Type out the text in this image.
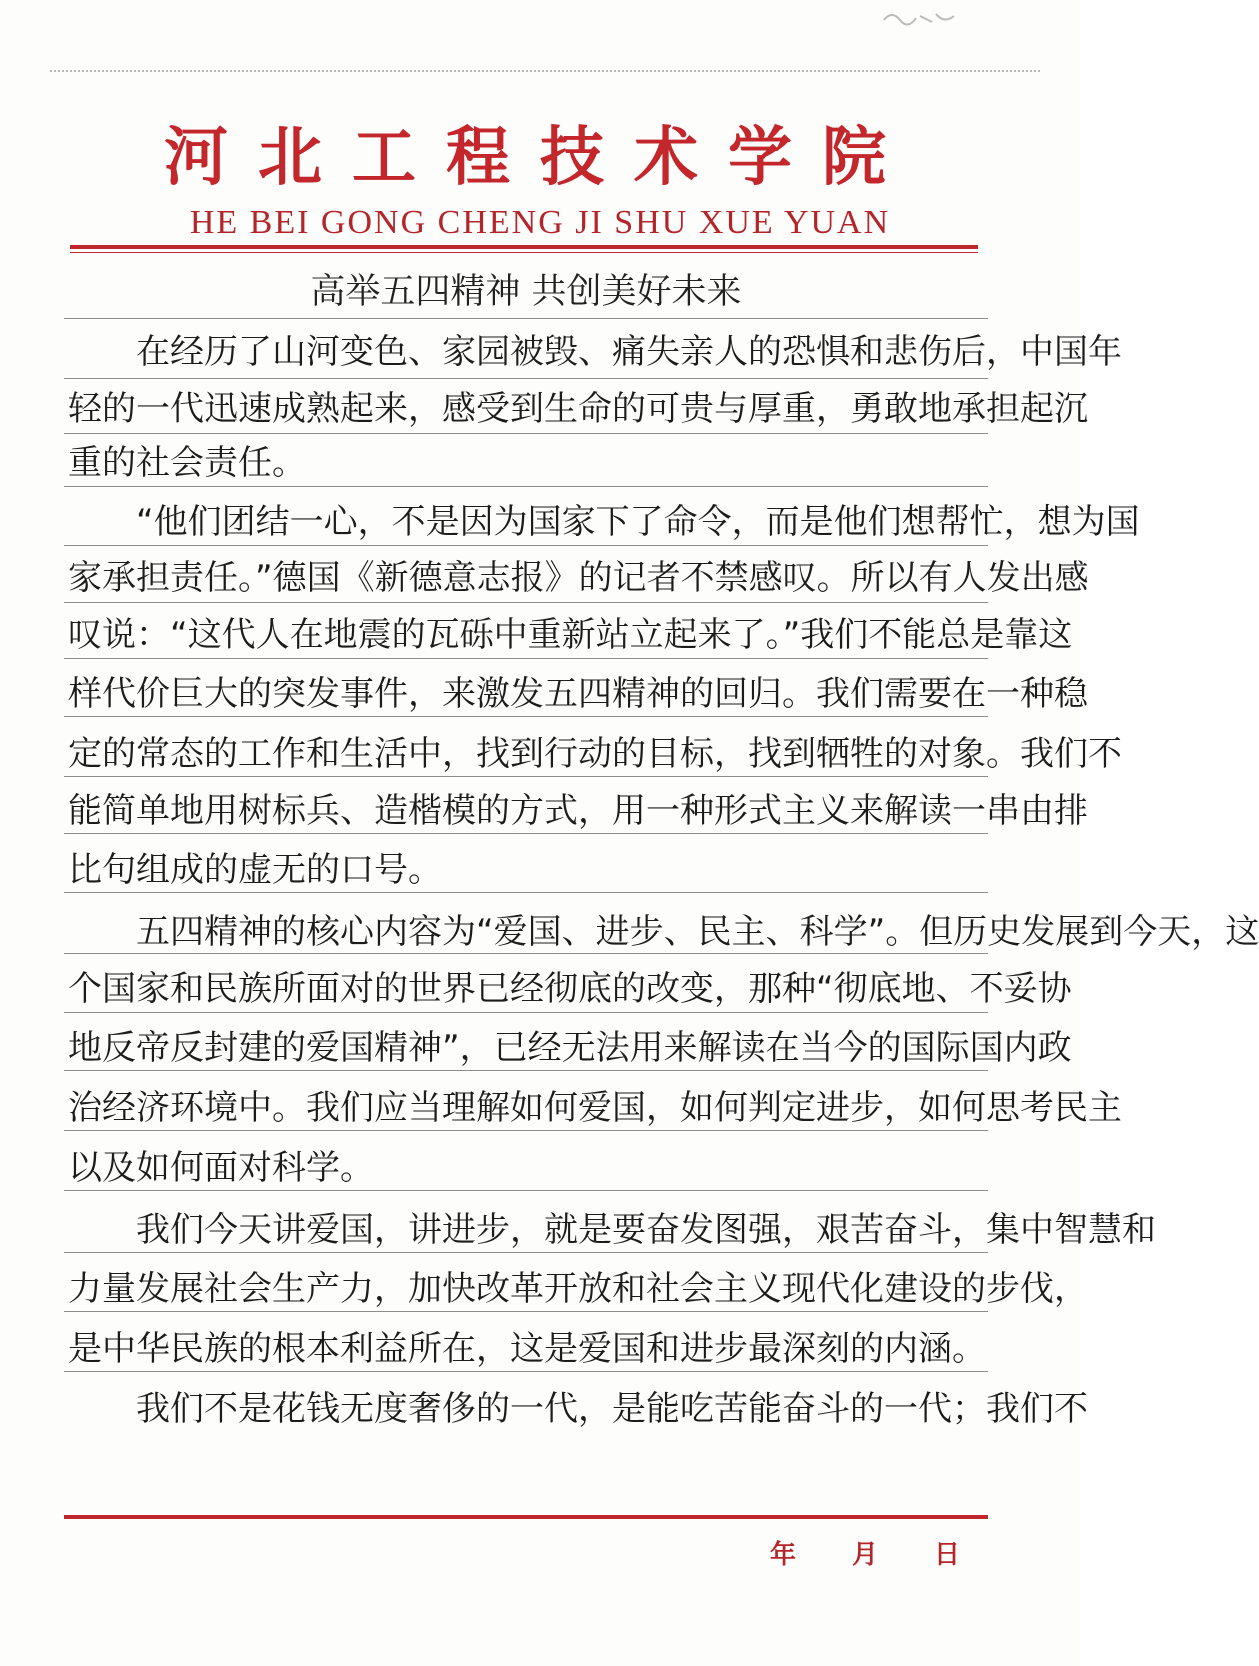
河北工程技术学院
HE BEI GONG CHENG JI SHU XUE YUAN
高举五四精神 共创美好未来
在经历了山河变色、家园被毁、痛失亲人的恐惧和悲伤后，中国年
轻的一代迅速成熟起来，感受到生命的可贵与厚重，勇敢地承担起沉
重的社会责任。
“他们团结一心，不是因为国家下了命令，而是他们想帮忙，想为国
家承担责任。”德国《新德意志报》的记者不禁感叹。所以有人发出感
叹说：“这代人在地震的瓦砾中重新站立起来了。”我们不能总是靠这
样代价巨大的突发事件，来激发五四精神的回归。我们需要在一种稳
定的常态的工作和生活中，找到行动的目标，找到牺牲的对象。我们不
能简单地用树标兵、造楷模的方式，用一种形式主义来解读一串由排
比句组成的虚无的口号。
五四精神的核心内容为“爱国、进步、民主、科学”。但历史发展到今天，这
个国家和民族所面对的世界已经彻底的改变，那种“彻底地、不妥协
地反帝反封建的爱国精神”，已经无法用来解读在当今的国际国内政
治经济环境中。我们应当理解如何爱国，如何判定进步，如何思考民主
以及如何面对科学。
我们今天讲爱国，讲进步，就是要奋发图强，艰苦奋斗，集中智慧和
力量发展社会生产力，加快改革开放和社会主义现代化建设的步伐，
是中华民族的根本利益所在，这是爱国和进步最深刻的内涵。
我们不是花钱无度奢侈的一代，是能吃苦能奋斗的一代；我们不
年 月 日
